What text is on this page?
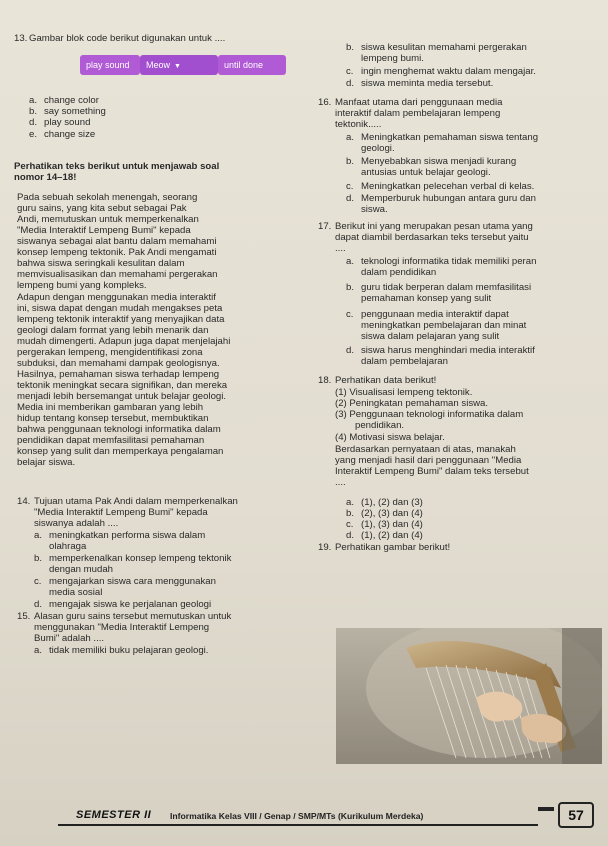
13. Gambar blok code berikut digunakan untuk ....
a. change color
b. say something
d. play sound
e. change size
Perhatikan teks berikut untuk menjawab soal
nomor 14–18!
Pada sebuah sekolah menengah, seorang
guru sains, yang kita sebut sebagai Pak
Andi, memutuskan untuk memperkenalkan
"Media Interaktif Lempeng Bumi" kepada
siswanya sebagai alat bantu dalam memahami
konsep lempeng tektonik. Pak Andi mengamati
bahwa siswa seringkali kesulitan dalam
memvisualisasikan dan memahami pergerakan
lempeng bumi yang kompleks.
Adapun dengan menggunakan media interaktif
ini, siswa dapat dengan mudah mengakses peta
lempeng tektonik interaktif yang menyajikan data
geologi dalam format yang lebih menarik dan
mudah dimengerti. Adapun juga dapat menjelajahi
pergerakan lempeng, mengidentifikasi zona
subduksi, dan memahami dampak geologisnya.
Hasilnya, pemahaman siswa terhadap lempeng
tektonik meningkat secara signifikan, dan mereka
menjadi lebih bersemangat untuk belajar geologi.
Media ini memberikan gambaran yang lebih
hidup tentang konsep tersebut, membuktikan
bahwa penggunaan teknologi informatika dalam
pendidikan dapat memfasilitasi pemahaman
konsep yang sulit dan memperkaya pengalaman
belajar siswa.
14. Tujuan utama Pak Andi dalam memperkenalkan
"Media Interaktif Lempeng Bumi" kepada
siswanya adalah ....
a. meningkatkan performa siswa dalam
olahraga
b. memperkenalkan konsep lempeng tektonik
dengan mudah
c. mengajarkan siswa cara menggunakan
media sosial
d. mengajak siswa ke perjalanan geologi
15. Alasan guru sains tersebut memutuskan untuk
menggunakan "Media Interaktif Lempeng
Bumi" adalah ....
a. tidak memiliki buku pelajaran geologi.
play sound	Meow ▼	until done
b. siswa kesulitan memahami pergerakan
lempeng bumi.
c. ingin menghemat waktu dalam mengajar.
d. siswa meminta media tersebut.
16. Manfaat utama dari penggunaan media
interaktif dalam pembelajaran lempeng
tektonik.....
a. Meningkatkan pemahaman siswa tentang
geologi.
b. Menyebabkan siswa menjadi kurang
antusias untuk belajar geologi.
c. Meningkatkan pelecehan verbal di kelas.
d. Memperburuk hubungan antara guru dan
siswa.
17. Berikut ini yang merupakan pesan utama yang
dapat diambil berdasarkan teks tersebut yaitu
....
a. teknologi informatika tidak memiliki peran
dalam pendidikan
b. guru tidak berperan dalam memfasilitasi
pemahaman konsep yang sulit
c. penggunaan media interaktif dapat
meningkatkan pembelajaran dan minat
siswa dalam pelajaran yang sulit
d. siswa harus menghindari media interaktif
dalam pembelajaran
18. Perhatikan data berikut!
(1) Visualisasi lempeng tektonik.
(2) Peningkatan pemahaman siswa.
(3) Penggunaan teknologi informatika dalam
pendidikan.
(4) Motivasi siswa belajar.
Berdasarkan pernyataan di atas, manakah
yang menjadi hasil dari penggunaan "Media
Interaktif Lempeng Bumi" dalam teks tersebut
....
a. (1), (2) dan (3)
b. (2), (3) dan (4)
c. (1), (3) dan (4)
d. (1), (2) dan (4)
19. Perhatikan gambar berikut!
SEMESTER II Informatika Kelas VIII / Genap / SMP/MTs (Kurikulum Merdeka)	57
